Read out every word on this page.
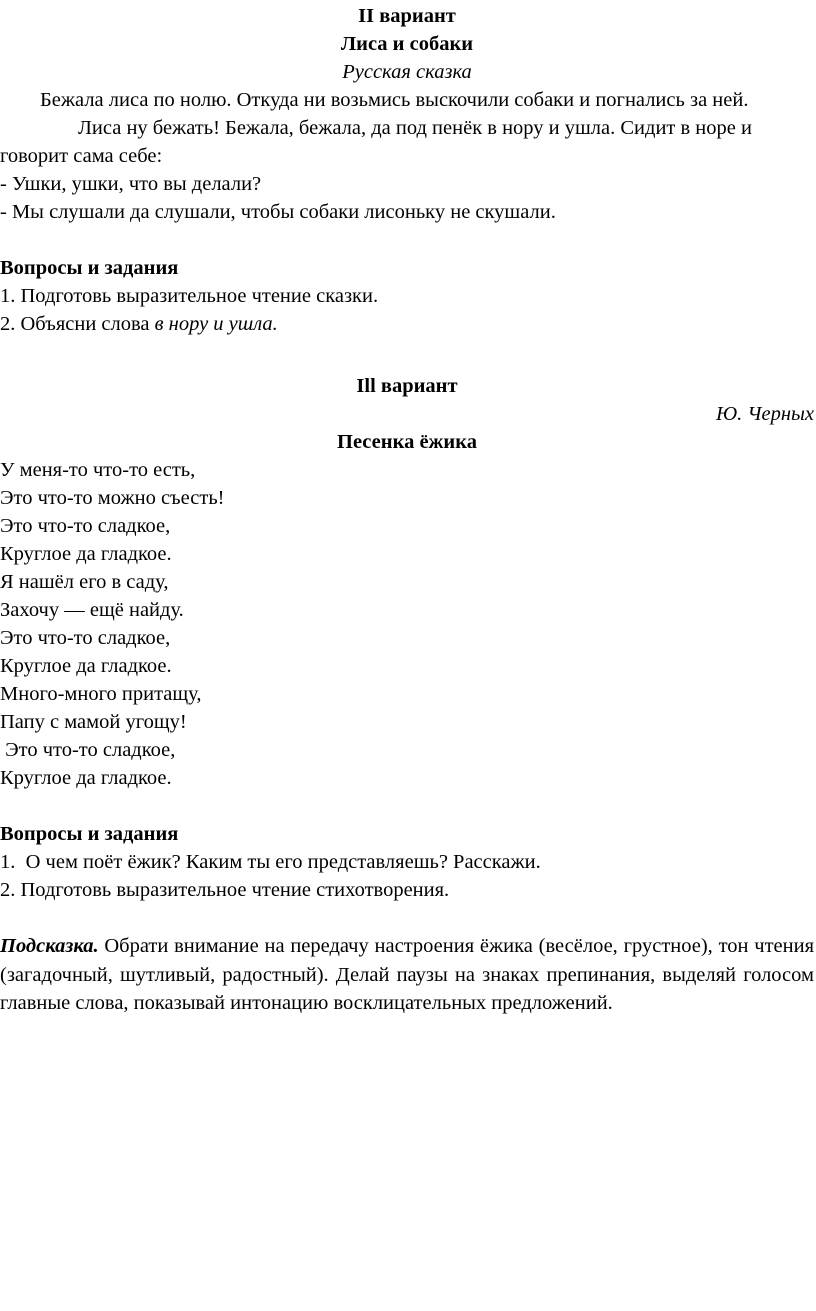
II вариант

Лиса и собаки

Русская сказка

Бежала лиса по нолю. Откуда ни возьмись выскочили собаки и погнались за ней.

Лиса ну бежать! Бежала, бежала, да под пенёк в нору и ушла. Сидит в норе и говорит сама себе:

- Ушки, ушки, что вы делали?

- Мы слушали да слушали, чтобы собаки лисоньку не скушали.

Вопросы и задания

1. Подготовь выразительное чтение сказки.

2. Объясни слова в нору и ушла.

Ill вариант

Ю. Черных

Песенка ёжика

У меня-то что-то есть,

Это что-то можно съесть!

Это что-то сладкое,

Круглое да гладкое.

Я нашёл его в саду,

Захочу — ещё найду.

Это что-то сладкое,

Круглое да гладкое.

Много-много притащу,

Папу с мамой угощу!

Это что-то сладкое,

Круглое да гладкое.

Вопросы и задания

1.  О чем поёт ёжик? Каким ты его представляешь? Расскажи.

2. Подготовь выразительное чтение стихотворения.

Подсказка. Обрати внимание на передачу настроения ёжика (весёлое, грустное), тон чтения (загадочный, шутливый, радостный). Делай паузы на знаках препинания, выделяй голосом главные слова, показывай интонацию восклицательных предложений.
